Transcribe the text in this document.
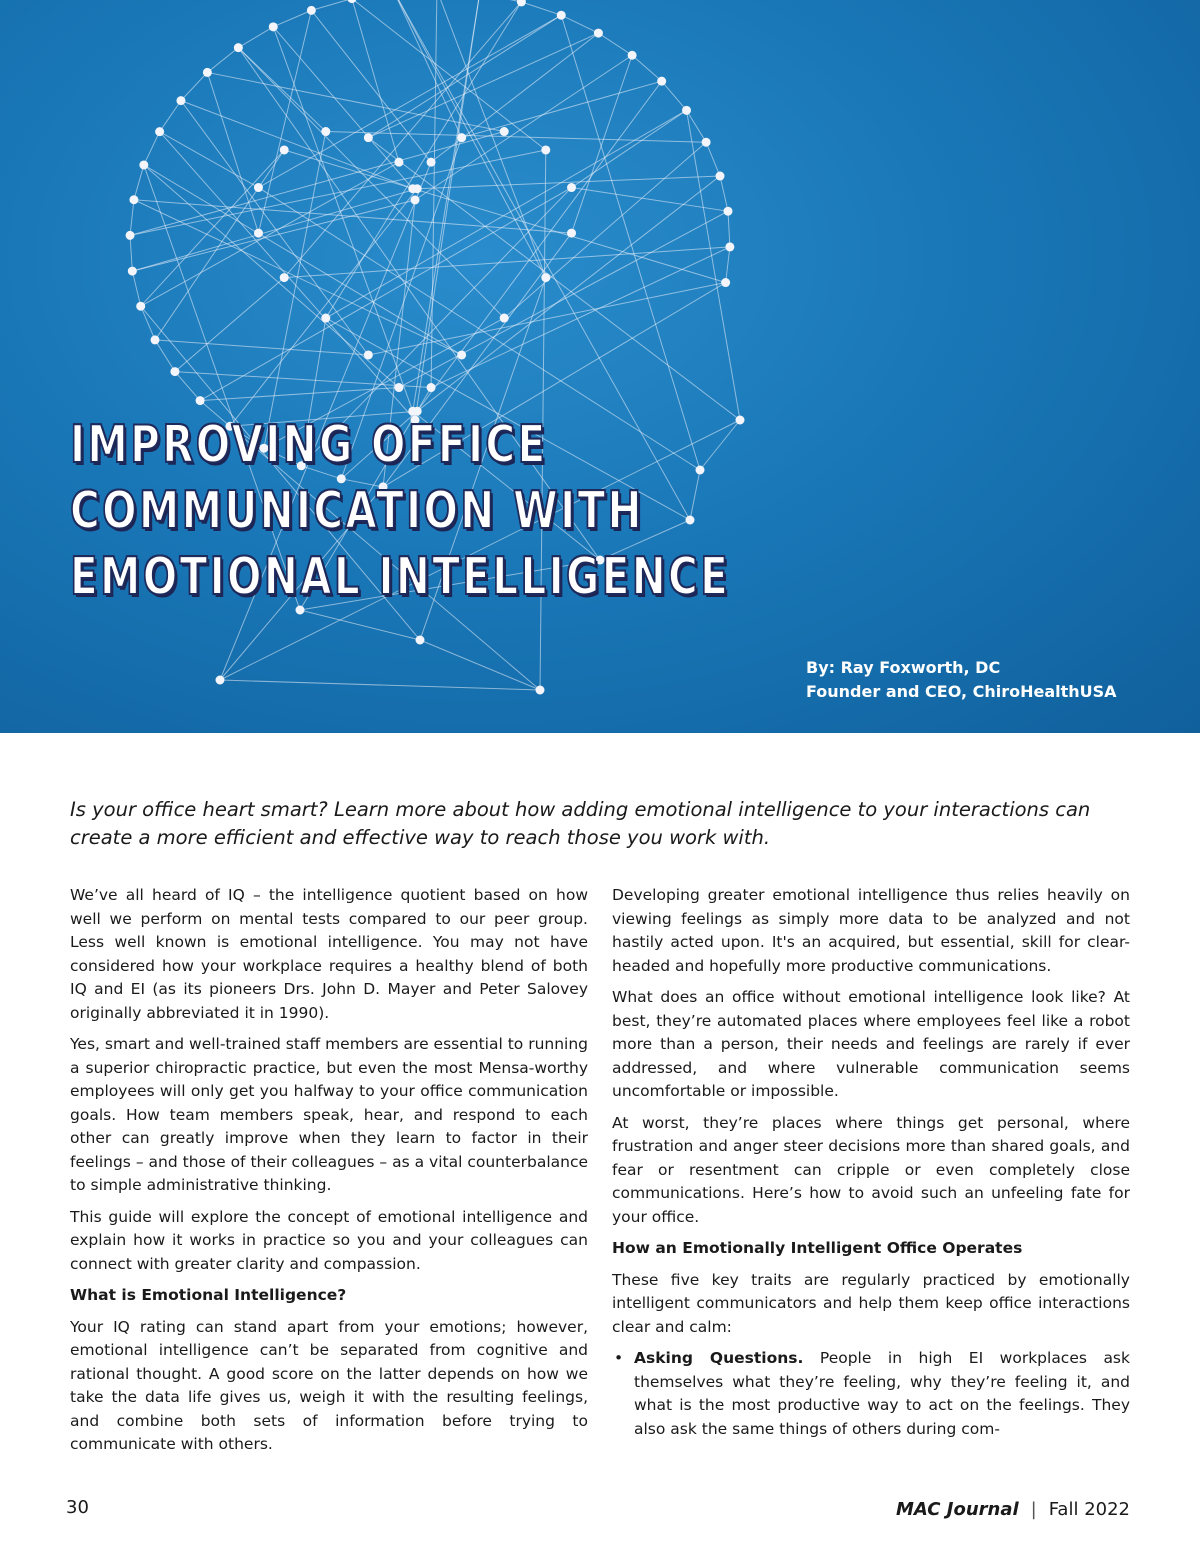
IMPROVING OFFICE
COMMUNICATION WITH
EMOTIONAL INTELLIGENCE
By: Ray Foxworth, DC
Founder and CEO, ChiroHealthUSA

Is your office heart smart? Learn more about how adding emotional intelligence to your interactions can create a more efficient and effective way to reach those you work with.

We’ve all heard of IQ – the intelligence quotient based on how well we perform on mental tests compared to our peer group. Less well known is emotional intelligence. You may not have considered how your workplace requires a healthy blend of both IQ and EI (as its pioneers Drs. John D. Mayer and Peter Salovey originally abbreviated it in 1990).

Yes, smart and well-trained staff members are essential to running a superior chiropractic practice, but even the most Mensa-worthy employees will only get you halfway to your office communication goals. How team members speak, hear, and respond to each other can greatly improve when they learn to factor in their feelings – and those of their colleagues – as a vital counterbalance to simple administrative thinking.

This guide will explore the concept of emotional intelligence and explain how it works in practice so you and your colleagues can connect with greater clarity and compassion.

What is Emotional Intelligence?

Your IQ rating can stand apart from your emotions; however, emotional intelligence can’t be separated from cognitive and rational thought. A good score on the latter depends on how we take the data life gives us, weigh it with the resulting feelings, and combine both sets of information before trying to communicate with others.

Developing greater emotional intelligence thus relies heavily on viewing feelings as simply more data to be analyzed and not hastily acted upon. It's an acquired, but essential, skill for clear-headed and hopefully more productive communications.

What does an office without emotional intelligence look like? At best, they’re automated places where employees feel like a robot more than a person, their needs and feelings are rarely if ever addressed, and where vulnerable communication seems uncomfortable or impossible.

At worst, they’re places where things get personal, where frustration and anger steer decisions more than shared goals, and fear or resentment can cripple or even completely close communications. Here’s how to avoid such an unfeeling fate for your office.

How an Emotionally Intelligent Office Operates

These five key traits are regularly practiced by emotionally intelligent communicators and help them keep office interactions clear and calm:

• Asking Questions. People in high EI workplaces ask themselves what they’re feeling, why they’re feeling it, and what is the most productive way to act on the feelings. They also ask the same things of others during com-
30	MAC Journal | Fall 2022
